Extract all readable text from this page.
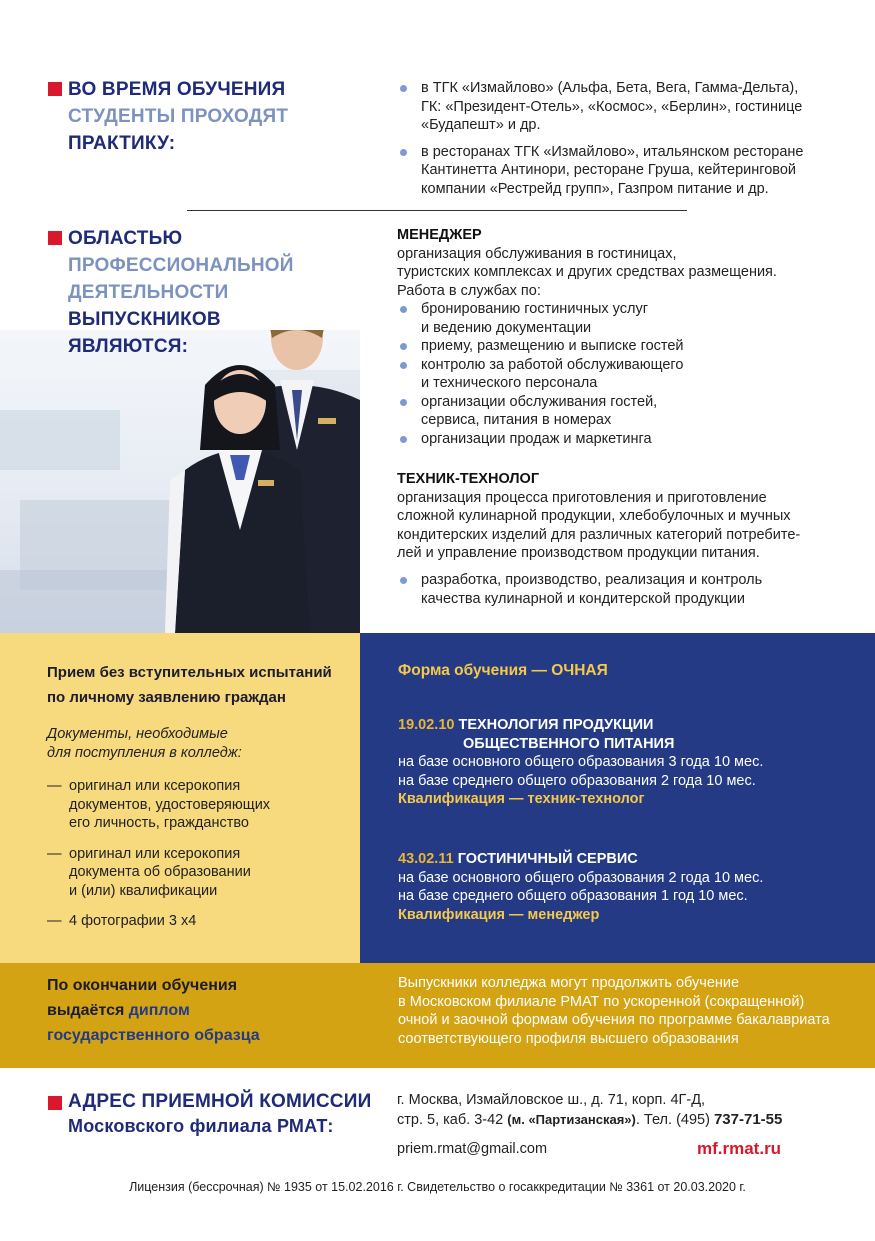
ВО ВРЕМЯ ОБУЧЕНИЯ
СТУДЕНТЫ ПРОХОДЯТ
ПРАКТИКУ:
в ТГК «Измайлово» (Альфа, Бета, Вега, Гамма-Дельта),
ГК: «Президент-Отель», «Космос», «Берлин», гостинице
«Будапешт» и др.
в ресторанах ТГК «Измайлово», итальянском ресторане
Кантинетта Антинори, ресторане Груша, кейтеринговой
компании «Рестрейд групп», Газпром питание и др.
ОБЛАСТЬЮ
ПРОФЕССИОНАЛЬНОЙ
ДЕЯТЕЛЬНОСТИ
ВЫПУСКНИКОВ
ЯВЛЯЮТСЯ:
МЕНЕДЖЕР
организация обслуживания в гостиницах,
туристских комплексах и других средствах размещения.
Работа в службах по:
бронированию гостиничных услуг
и ведению документации
приему, размещению и выписке гостей
контролю за работой обслуживающего
и технического персонала
организации обслуживания гостей,
сервиса, питания в номерах
организации продаж и маркетинга
ТЕХНИК-ТЕХНОЛОГ
организация процесса приготовления и приготовление
сложной кулинарной продукции, хлебобулочных и мучных
кондитерских изделий для различных категорий потребите-
лей и управление производством продукции питания.
разработка, производство, реализация и контроль
качества кулинарной и кондитерской продукции
Прием без вступительных испытаний
по личному заявлению граждан
Документы, необходимые
для поступления в колледж:
— оригинал или ксерокопия
документов, удостоверяющих
его личность, гражданство
— оригинал или ксерокопия
документа об образовании
и (или) квалификации
— 4 фотографии 3 х4
Форма обучения — ОЧНАЯ
19.02.10 ТЕХНОЛОГИЯ ПРОДУКЦИИ
ОБЩЕСТВЕННОГО ПИТАНИЯ
на базе основного общего образования 3 года 10 мес.
на базе среднего общего образования 2 года 10 мес.
Квалификация — техник-технолог
43.02.11 ГОСТИНИЧНЫЙ СЕРВИС
на базе основного общего образования 2 года 10 мес.
на базе среднего общего образования 1 год 10 мес.
Квалификация — менеджер
По окончании обучения
выдаётся диплом
государственного образца
Выпускники колледжа могут продолжить обучение
в Московском филиале РМАТ по ускоренной (сокращенной)
очной и заочной формам обучения по программе бакалавриата
соответствующего профиля высшего образования
АДРЕС ПРИЕМНОЙ КОМИССИИ
Московского филиала РМАТ:
г. Москва, Измайловское ш., д. 71, корп. 4Г-Д,
стр. 5, каб. 3-42 (м. «Партизанская»). Тел. (495) 737-71-55
priem.rmat@gmail.com	mf.rmat.ru
Лицензия (бессрочная) № 1935 от 15.02.2016 г. Свидетельство о госаккредитации № 3361 от 20.03.2020 г.
